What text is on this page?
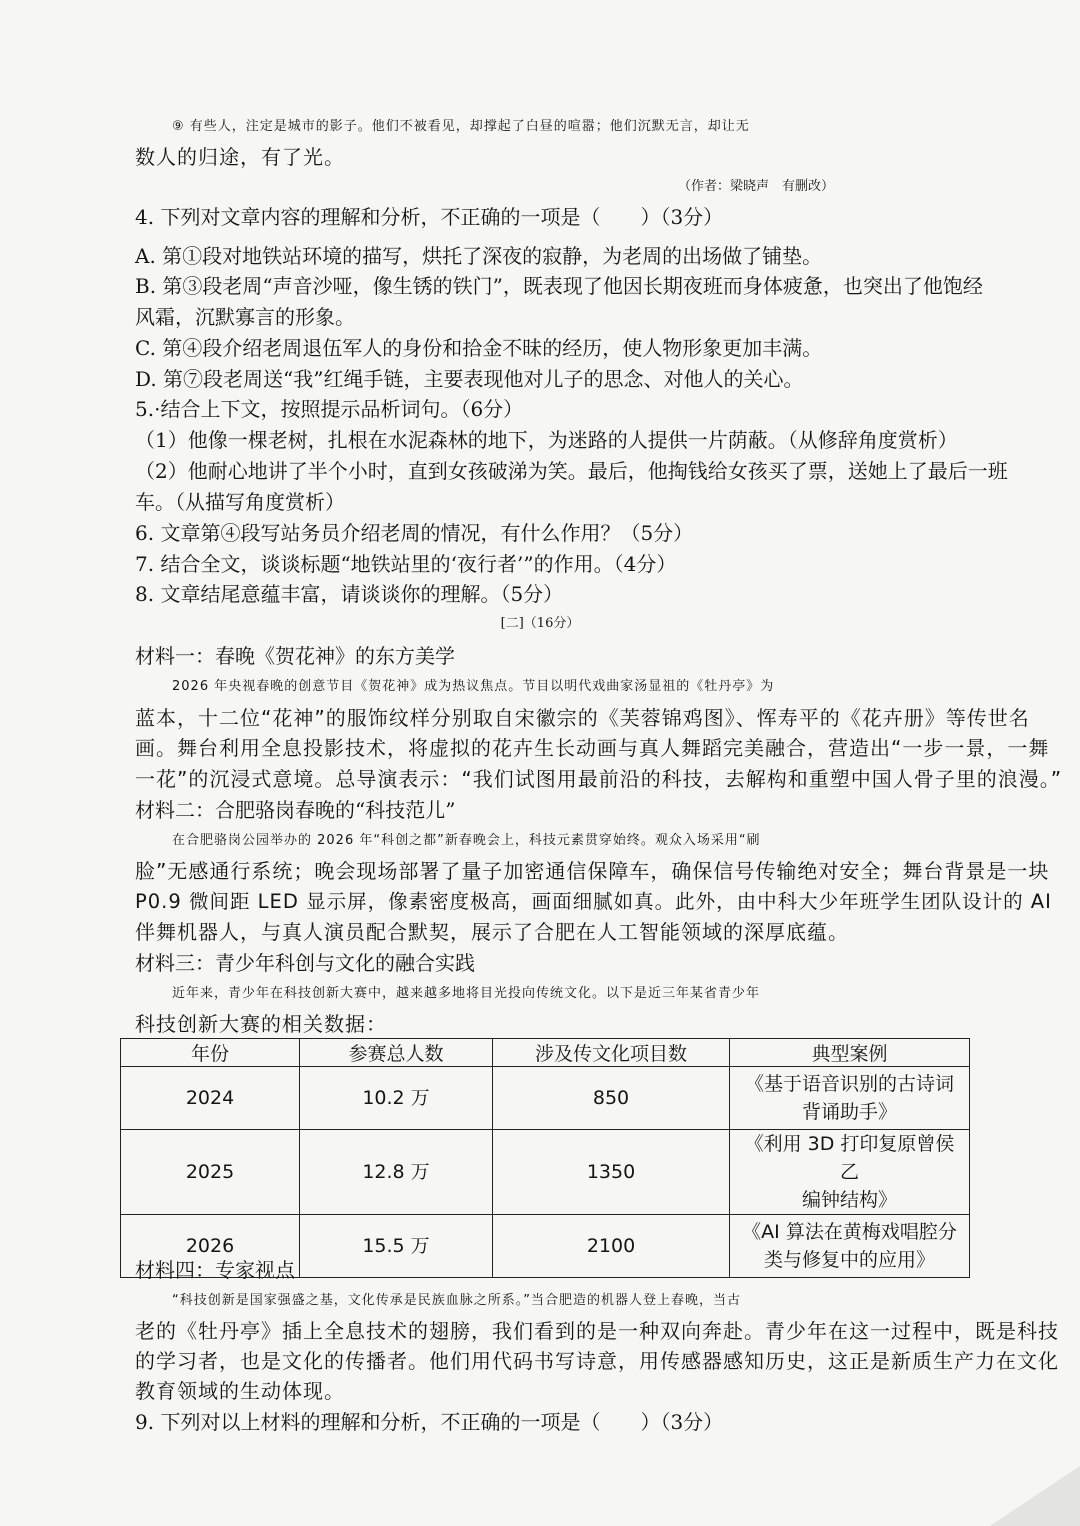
⑨ 有些人，注定是城市的影子。他们不被看见，却撑起了白昼的喧嚣；他们沉默无言，却让无
数人的归途，有了光。
（作者：梁晓声　有删改）
4. 下列对文章内容的理解和分析，不正确的一项是（　　）（3分）
A. 第①段对地铁站环境的描写，烘托了深夜的寂静，为老周的出场做了铺垫。
B. 第③段老周“声音沙哑，像生锈的铁门”，既表现了他因长期夜班而身体疲惫，也突出了他饱经
风霜，沉默寡言的形象。
C. 第④段介绍老周退伍军人的身份和拾金不昧的经历，使人物形象更加丰满。
D. 第⑦段老周送“我”红绳手链，主要表现他对儿子的思念、对他人的关心。
5.·结合上下文，按照提示品析词句。（6分）
（1）他像一棵老树，扎根在水泥森林的地下，为迷路的人提供一片荫蔽。（从修辞角度赏析）
（2）他耐心地讲了半个小时，直到女孩破涕为笑。最后，他掏钱给女孩买了票，送她上了最后一班
车。（从描写角度赏析）
6. 文章第④段写站务员介绍老周的情况，有什么作用？（5分）
7. 结合全文，谈谈标题“地铁站里的‘夜行者’”的作用。（4分）
8. 文章结尾意蕴丰富，请谈谈你的理解。（5分）
[二]（16分）
材料一：春晚《贺花神》的东方美学
2026 年央视春晚的创意节目《贺花神》成为热议焦点。节目以明代戏曲家汤显祖的《牡丹亭》为
蓝本，十二位“花神”的服饰纹样分别取自宋徽宗的《芙蓉锦鸡图》、恽寿平的《花卉册》等传世名
画。舞台利用全息投影技术，将虚拟的花卉生长动画与真人舞蹈完美融合，营造出“一步一景，一舞
一花”的沉浸式意境。总导演表示：“我们试图用最前沿的科技，去解构和重塑中国人骨子里的浪漫。”
材料二：合肥骆岗春晚的“科技范儿”
在合肥骆岗公园举办的 2026 年“科创之都”新春晚会上，科技元素贯穿始终。观众入场采用“刷
脸”无感通行系统；晚会现场部署了量子加密通信保障车，确保信号传输绝对安全；舞台背景是一块
P0.9 微间距 LED 显示屏，像素密度极高，画面细腻如真。此外，由中科大少年班学生团队设计的 AI
伴舞机器人，与真人演员配合默契，展示了合肥在人工智能领域的深厚底蕴。
材料三：青少年科创与文化的融合实践
近年来，青少年在科技创新大赛中，越来越多地将目光投向传统文化。以下是近三年某省青少年
科技创新大赛的相关数据：
年份	参赛总人数	涉及传文化项目数	典型案例
2024	10.2 万	850	《基于语音识别的古诗词
背诵助手》

2025	12.8 万	1350	《利用 3D 打印复原曾侯乙
编钟结构》

2026	15.5 万	2100	《AI 算法在黄梅戏唱腔分
类与修复中的应用》
材料四：专家视点
“科技创新是国家强盛之基，文化传承是民族血脉之所系。”当合肥造的机器人登上春晚，当古
老的《牡丹亭》插上全息技术的翅膀，我们看到的是一种双向奔赴。青少年在这一过程中，既是科技
的学习者，也是文化的传播者。他们用代码书写诗意，用传感器感知历史，这正是新质生产力在文化
教育领域的生动体现。
9. 下列对以上材料的理解和分析，不正确的一项是（　　）（3分）
